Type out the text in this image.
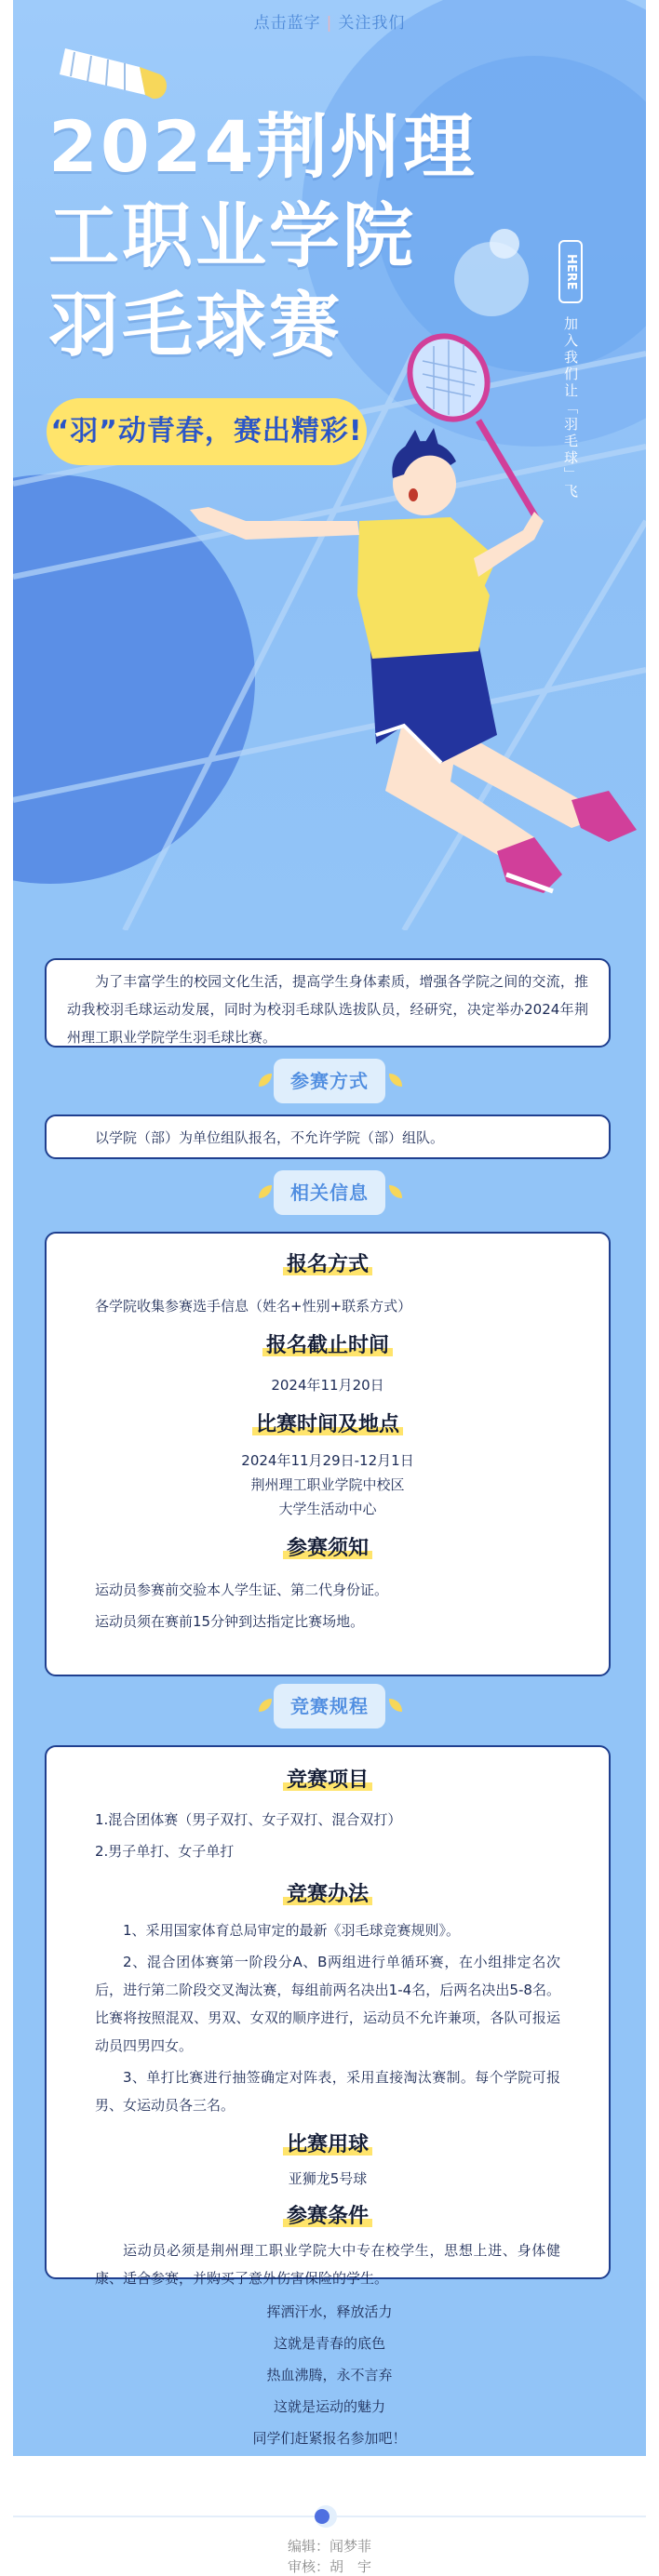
点击蓝字 | 关注我们
2024荆州理
工职业学院
羽毛球赛
HERE
加入我们让「羽毛球」飞
“羽”动青春，赛出精彩!
为了丰富学生的校园文化生活，提高学生身体素质，增强各学院之间的交流，推动我校羽毛球运动发展，同时为校羽毛球队选拔队员，经研究，决定举办2024年荆州理工职业学院学生羽毛球比赛。
参赛方式
以学院（部）为单位组队报名，不允许学院（部）组队。
相关信息
报名方式
各学院收集参赛选手信息（姓名+性别+联系方式）
报名截止时间
2024年11月20日
比赛时间及地点
2024年11月29日-12月1日
荆州理工职业学院中校区
大学生活动中心
参赛须知
运动员参赛前交验本人学生证、第二代身份证。
运动员须在赛前15分钟到达指定比赛场地。
竞赛规程
竞赛项目
1.混合团体赛（男子双打、女子双打、混合双打）
2.男子单打、女子单打
竞赛办法
1、采用国家体育总局审定的最新《羽毛球竞赛规则》。
2、混合团体赛第一阶段分A、B两组进行单循环赛，在小组排定名次后，进行第二阶段交叉淘汰赛，每组前两名决出1-4名，后两名决出5-8名。比赛将按照混双、男双、女双的顺序进行，运动员不允许兼项，各队可报运动员四男四女。
3、单打比赛进行抽签确定对阵表，采用直接淘汰赛制。每个学院可报男、女运动员各三名。
比赛用球
亚狮龙5号球
参赛条件
运动员必须是荆州理工职业学院大中专在校学生，思想上进、身体健康、适合参赛，并购买了意外伤害保险的学生。
挥洒汗水，释放活力
这就是青春的底色
热血沸腾，永不言弃
这就是运动的魅力
同学们赶紧报名参加吧！
编辑：闻梦菲
审核：胡　宇
